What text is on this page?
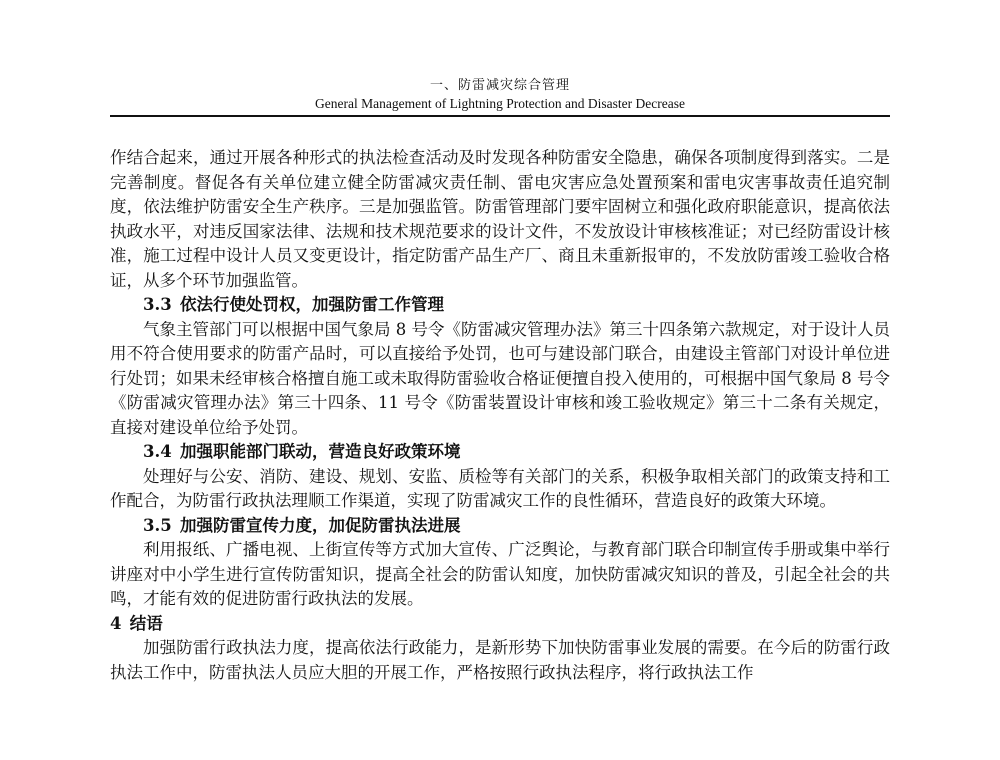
一、防雷减灾综合管理
General Management of Lightning Protection and Disaster Decrease

作结合起来，通过开展各种形式的执法检查活动及时发现各种防雷安全隐患，确保各项制度得到落实。二是完善制度。督促各有关单位建立健全防雷减灾责任制、雷电灾害应急处置预案和雷电灾害事故责任追究制度，依法维护防雷安全生产秩序。三是加强监管。防雷管理部门要牢固树立和强化政府职能意识，提高依法执政水平，对违反国家法律、法规和技术规范要求的设计文件，不发放设计审核核准证；对已经防雷设计核准，施工过程中设计人员又变更设计，指定防雷产品生产厂、商且未重新报审的，不发放防雷竣工验收合格证，从多个环节加强监管。

3.3 依法行使处罚权，加强防雷工作管理

气象主管部门可以根据中国气象局 8 号令《防雷减灾管理办法》第三十四条第六款规定，对于设计人员用不符合使用要求的防雷产品时，可以直接给予处罚，也可与建设部门联合，由建设主管部门对设计单位进行处罚；如果未经审核合格擅自施工或未取得防雷验收合格证便擅自投入使用的，可根据中国气象局 8 号令《防雷减灾管理办法》第三十四条、11 号令《防雷装置设计审核和竣工验收规定》第三十二条有关规定，直接对建设单位给予处罚。

3.4 加强职能部门联动，营造良好政策环境

处理好与公安、消防、建设、规划、安监、质检等有关部门的关系，积极争取相关部门的政策支持和工作配合，为防雷行政执法理顺工作渠道，实现了防雷减灾工作的良性循环，营造良好的政策大环境。

3.5 加强防雷宣传力度，加促防雷执法进展

利用报纸、广播电视、上街宣传等方式加大宣传、广泛舆论，与教育部门联合印制宣传手册或集中举行讲座对中小学生进行宣传防雷知识，提高全社会的防雷认知度，加快防雷减灾知识的普及，引起全社会的共鸣，才能有效的促进防雷行政执法的发展。

4 结语

加强防雷行政执法力度，提高依法行政能力，是新形势下加快防雷事业发展的需要。在今后的防雷行政执法工作中，防雷执法人员应大胆的开展工作，严格按照行政执法程序，将行政执法工作
